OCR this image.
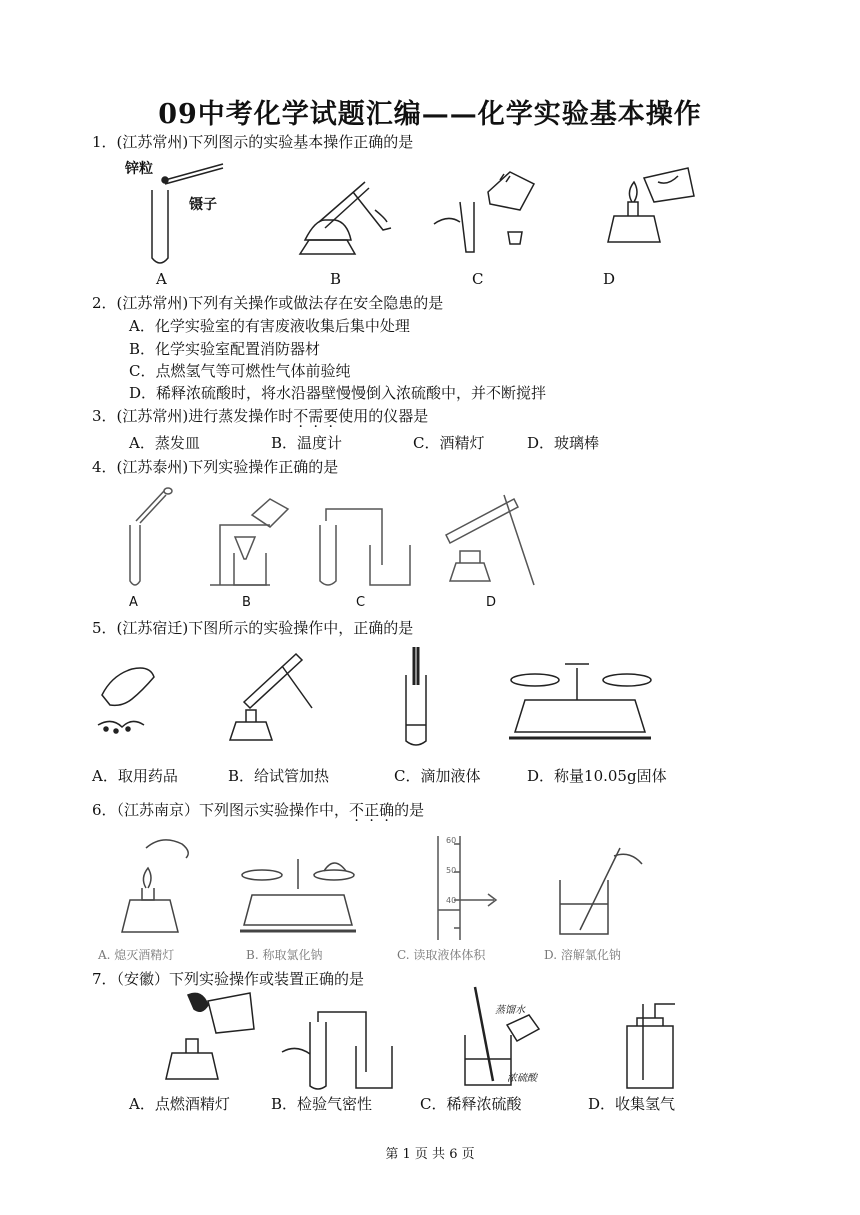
09中考化学试题汇编——化学实验基本操作
1．(江苏常州)下列图示的实验基本操作正确的是
锌粒
镊子
A	B	C	D
2．(江苏常州)下列有关操作或做法存在安全隐患的是
A．化学实验室的有害废液收集后集中处理
B．化学实验室配置消防器材
C．点燃氢气等可燃性气体前验纯
D．稀释浓硫酸时，将水沿器壁慢慢倒入浓硫酸中，并不断搅拌
3．(江苏常州)进行蒸发操作时不需要使用的仪器是
A．蒸发皿	B．温度计	C．酒精灯	D．玻璃棒
4．(江苏泰州)下列实验操作正确的是
A	B	C	D
5．(江苏宿迁)下图所示的实验操作中，正确的是
A．取用药品	B．给试管加热	C．滴加液体	D．称量10.05g固体
6．（江苏南京）下列图示实验操作中，不正确的是
60
50
40
A. 熄灭酒精灯	B. 称取氯化钠	C. 读取液体体积	D. 溶解氯化钠
7．（安徽）下列实验操作或装置正确的是
蒸馏水
浓硫酸
A．点燃酒精灯	B．检验气密性	C．稀释浓硫酸	D．收集氢气
第 1 页 共 6 页
